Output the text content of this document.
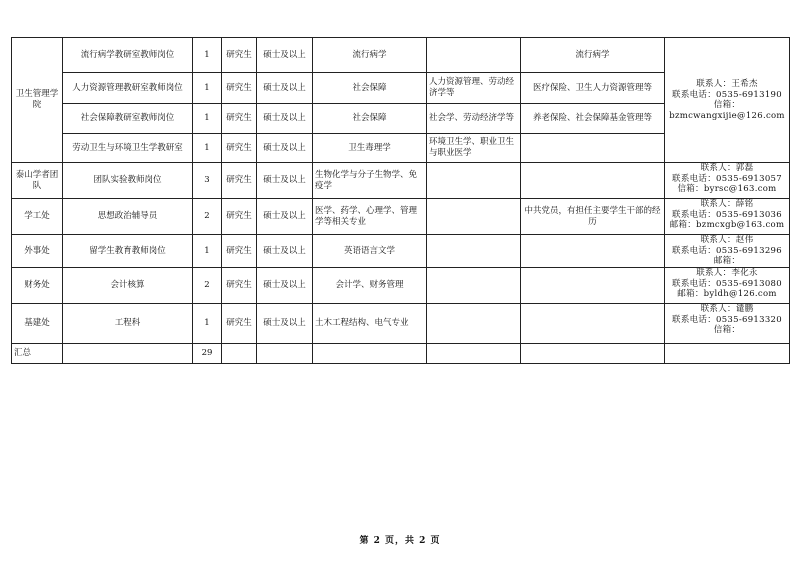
卫生管理学院	流行病学教研室教师岗位	1	研究生	硕士及以上	流行病学		流行病学	联系人：王希杰
联系电话：0535-6913190
信箱：
bzmcwangxijie@126.com

	人力资源管理教研室教师岗位	1	研究生	硕士及以上	社会保障	人力资源管理、劳动经济学等	医疗保险、卫生人力资源管理等	
	社会保障教研室教师岗位	1	研究生	硕士及以上	社会保障	社会学、劳动经济学等	养老保险、社会保障基金管理等	
	劳动卫生与环境卫生学教研室	1	研究生	硕士及以上	卫生毒理学	环境卫生学、职业卫生与职业医学		
泰山学者团队	团队实验教师岗位	3	研究生	硕士及以上	生物化学与分子生物学、免疫学			联系人：郭磊
联系电话：0535-6913057
信箱：byrsc@163.com

学工处	思想政治辅导员	2	研究生	硕士及以上	医学、药学、心理学、管理学等相关专业		中共党员，有担任主要学生干部的经历	联系人：薛铭
联系电话：0535-6913036
邮箱：bzmcxgb@163.com

外事处	留学生教育教师岗位	1	研究生	硕士及以上	英语语言文学			联系人：赵伟
联系电话：0535-6913296
邮箱：

财务处	会计核算	2	研究生	硕士及以上	会计学、财务管理			联系人：李化永
联系电话：0535-6913080
邮箱：byldh@126.com

基建处	工程科	1	研究生	硕士及以上	土木工程结构、电气专业			联系人：谴鹏
联系电话：0535-6913320
信箱：

汇总		29						
第 2 页，共 2 页
